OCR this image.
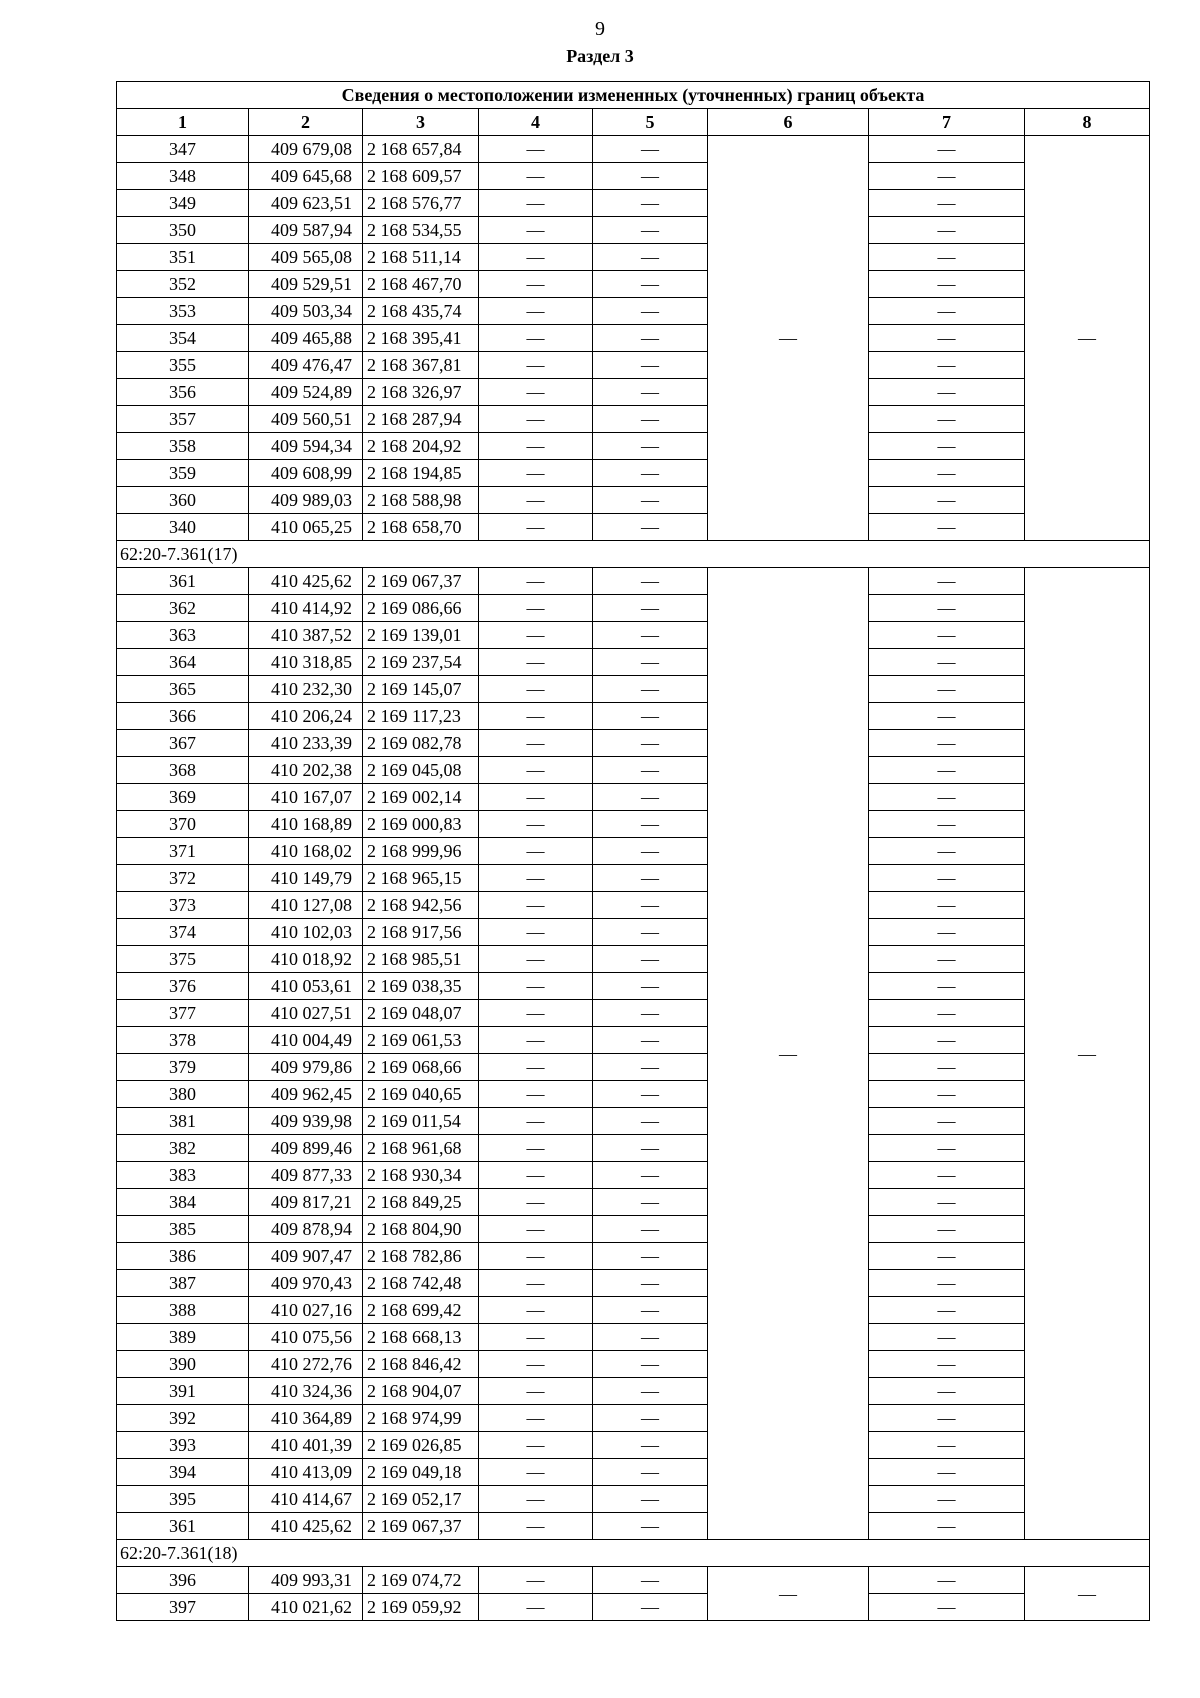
9
Раздел 3
Сведения о местоположении измененных (уточненных) границ объекта							
1	2	3	4	5	6	7	8
347	409 679,08	2 168 657,84	—	—	—	—	—
348	409 645,68	2 168 609,57	—	—		—	
349	409 623,51	2 168 576,77	—	—		—	
350	409 587,94	2 168 534,55	—	—		—	
351	409 565,08	2 168 511,14	—	—		—	
352	409 529,51	2 168 467,70	—	—		—	
353	409 503,34	2 168 435,74	—	—		—	
354	409 465,88	2 168 395,41	—	—		—	
355	409 476,47	2 168 367,81	—	—		—	
356	409 524,89	2 168 326,97	—	—		—	
357	409 560,51	2 168 287,94	—	—		—	
358	409 594,34	2 168 204,92	—	—		—	
359	409 608,99	2 168 194,85	—	—		—	
360	409 989,03	2 168 588,98	—	—		—	
340	410 065,25	2 168 658,70	—	—		—	
62:20-7.361(17)							
361	410 425,62	2 169 067,37	—	—	—	—	—
362	410 414,92	2 169 086,66	—	—		—	
363	410 387,52	2 169 139,01	—	—		—	
364	410 318,85	2 169 237,54	—	—		—	
365	410 232,30	2 169 145,07	—	—		—	
366	410 206,24	2 169 117,23	—	—		—	
367	410 233,39	2 169 082,78	—	—		—	
368	410 202,38	2 169 045,08	—	—		—	
369	410 167,07	2 169 002,14	—	—		—	
370	410 168,89	2 169 000,83	—	—		—	
371	410 168,02	2 168 999,96	—	—		—	
372	410 149,79	2 168 965,15	—	—		—	
373	410 127,08	2 168 942,56	—	—		—	
374	410 102,03	2 168 917,56	—	—		—	
375	410 018,92	2 168 985,51	—	—		—	
376	410 053,61	2 169 038,35	—	—		—	
377	410 027,51	2 169 048,07	—	—		—	
378	410 004,49	2 169 061,53	—	—		—	
379	409 979,86	2 169 068,66	—	—		—	
380	409 962,45	2 169 040,65	—	—		—	
381	409 939,98	2 169 011,54	—	—		—	
382	409 899,46	2 168 961,68	—	—		—	
383	409 877,33	2 168 930,34	—	—		—	
384	409 817,21	2 168 849,25	—	—		—	
385	409 878,94	2 168 804,90	—	—		—	
386	409 907,47	2 168 782,86	—	—		—	
387	409 970,43	2 168 742,48	—	—		—	
388	410 027,16	2 168 699,42	—	—		—	
389	410 075,56	2 168 668,13	—	—		—	
390	410 272,76	2 168 846,42	—	—		—	
391	410 324,36	2 168 904,07	—	—		—	
392	410 364,89	2 168 974,99	—	—		—	
393	410 401,39	2 169 026,85	—	—		—	
394	410 413,09	2 169 049,18	—	—		—	
395	410 414,67	2 169 052,17	—	—		—	
361	410 425,62	2 169 067,37	—	—		—	
62:20-7.361(18)							
396	409 993,31	2 169 074,72	—	—	—	—	—
397	410 021,62	2 169 059,92	—	—		—	
